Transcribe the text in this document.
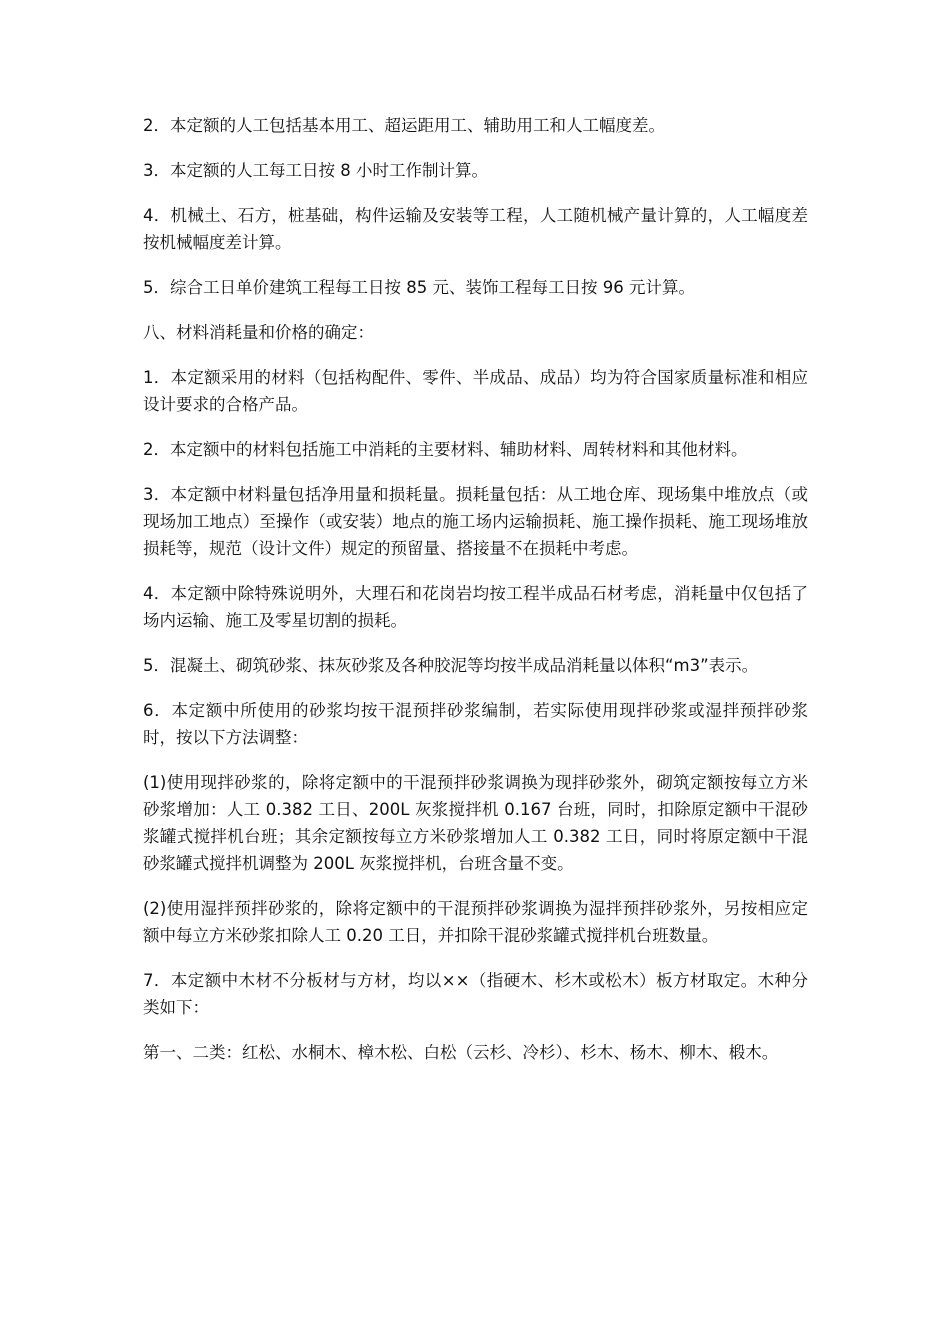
2．本定额的人工包括基本用工、超运距用工、辅助用工和人工幅度差。

3．本定额的人工每工日按 8 小时工作制计算。

4．机械土、石方，桩基础，构件运输及安装等工程，人工随机械产量计算的，人工幅度差按机械幅度差计算。

5．综合工日单价建筑工程每工日按 85 元、装饰工程每工日按 96 元计算。

八、材料消耗量和价格的确定：

1．本定额采用的材料（包括构配件、零件、半成品、成品）均为符合国家质量标准和相应设计要求的合格产品。

2．本定额中的材料包括施工中消耗的主要材料、辅助材料、周转材料和其他材料。

3．本定额中材料量包括净用量和损耗量。损耗量包括：从工地仓库、现场集中堆放点（或现场加工地点）至操作（或安装）地点的施工场内运输损耗、施工操作损耗、施工现场堆放损耗等，规范（设计文件）规定的预留量、搭接量不在损耗中考虑。

4．本定额中除特殊说明外，大理石和花岗岩均按工程半成品石材考虑，消耗量中仅包括了场内运输、施工及零星切割的损耗。

5．混凝土、砌筑砂浆、抹灰砂浆及各种胶泥等均按半成品消耗量以体积“m3”表示。

6．本定额中所使用的砂浆均按干混预拌砂浆编制，若实际使用现拌砂浆或湿拌预拌砂浆时，按以下方法调整：

(1)使用现拌砂浆的，除将定额中的干混预拌砂浆调换为现拌砂浆外，砌筑定额按每立方米砂浆增加：人工 0.382 工日、200L 灰浆搅拌机 0.167 台班，同时，扣除原定额中干混砂浆罐式搅拌机台班；其余定额按每立方米砂浆增加人工 0.382 工日，同时将原定额中干混砂浆罐式搅拌机调整为 200L 灰浆搅拌机，台班含量不变。

(2)使用湿拌预拌砂浆的，除将定额中的干混预拌砂浆调换为湿拌预拌砂浆外，另按相应定额中每立方米砂浆扣除人工 0.20 工日，并扣除干混砂浆罐式搅拌机台班数量。

7．本定额中木材不分板材与方材，均以××（指硬木、杉木或松木）板方材取定。木种分类如下：

第一、二类：红松、水桐木、樟木松、白松（云杉、冷杉）、杉木、杨木、柳木、椴木。
